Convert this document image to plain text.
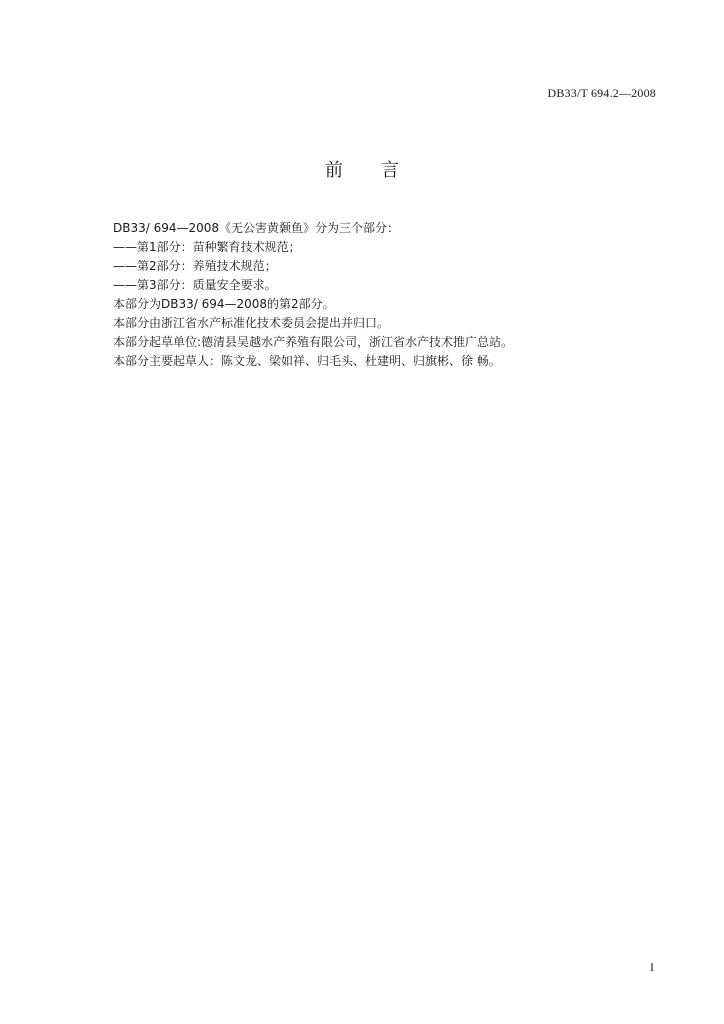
DB33/T 694.2—2008
前 言
DB33/ 694—2008《无公害黄颡鱼》分为三个部分：
——第1部分：苗种繁育技术规范；
——第2部分：养殖技术规范；
——第3部分：质量安全要求。
本部分为DB33/ 694—2008的第2部分。
本部分由浙江省水产标准化技术委员会提出并归口。
本部分起草单位:德清县吴越水产养殖有限公司，浙江省水产技术推广总站。
本部分主要起草人：陈文龙、梁如祥、归毛头、杜建明、归旗彬、徐 畅。
I
